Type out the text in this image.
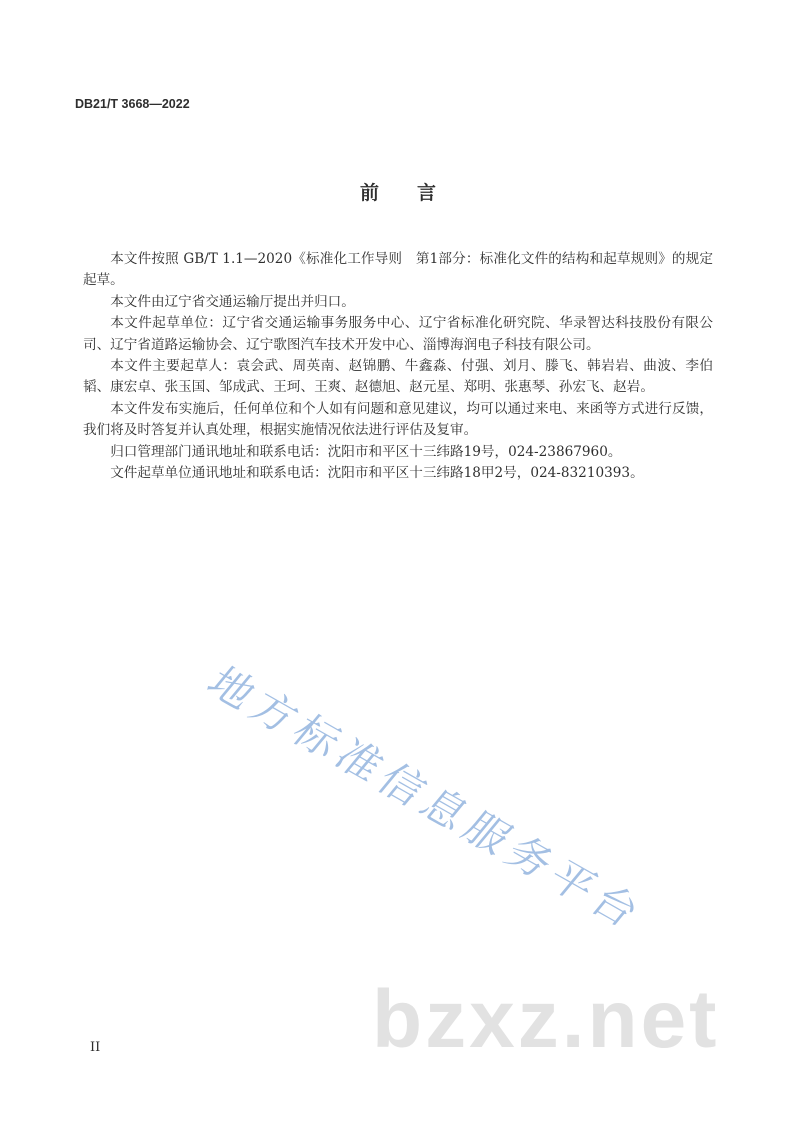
DB21/T 3668—2022
前　　言
本文件按照 GB/T 1.1—2020《标准化工作导则　第1部分：标准化文件的结构和起草规则》的规定
起草。
本文件由辽宁省交通运输厅提出并归口。
本文件起草单位：辽宁省交通运输事务服务中心、辽宁省标准化研究院、华录智达科技股份有限公
司、辽宁省道路运输协会、辽宁歌图汽车技术开发中心、淄博海润电子科技有限公司。
本文件主要起草人：袁会武、周英南、赵锦鹏、牛鑫淼、付强、刘月、滕飞、韩岩岩、曲波、李伯
韬、康宏卓、张玉国、邹成武、王珂、王爽、赵德旭、赵元星、郑明、张惠琴、孙宏飞、赵岩。
本文件发布实施后，任何单位和个人如有问题和意见建议，均可以通过来电、来函等方式进行反馈，
我们将及时答复并认真处理，根据实施情况依法进行评估及复审。
归口管理部门通讯地址和联系电话：沈阳市和平区十三纬路19号，024-23867960。
文件起草单位通讯地址和联系电话：沈阳市和平区十三纬路18甲2号，024-83210393。
地方标准信息服务平台
bzxz.net
II
